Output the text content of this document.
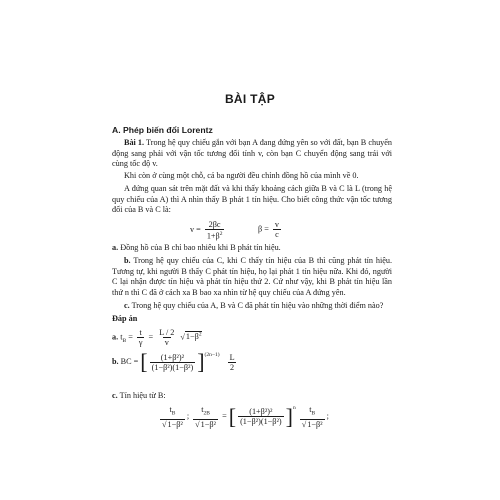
BÀI TẬP
A. Phép biến đổi Lorentz
Bài 1. Trong hệ quy chiếu gắn với bạn A đang đứng yên so với đất, bạn B chuyển động sang phải với vận tốc tương đối tính v, còn bạn C chuyển động sang trái với cùng tốc độ v.
Khi còn ở cùng một chỗ, cả ba người đều chỉnh đồng hồ của mình về 0.
A đứng quan sát trên mặt đất và khi thấy khoảng cách giữa B và C là L (trong hệ quy chiếu của A) thì A nhìn thấy B phát 1 tín hiệu. Cho biết công thức vận tốc tương đối của B và C là:
$v = \frac{2\beta c}{1+\beta^2}$	$\beta = \frac{v}{c}$
a. Đồng hồ của B chỉ bao nhiêu khi B phát tín hiệu.
b. Trong hệ quy chiếu của C, khi C thấy tín hiệu của B thì cũng phát tín hiệu. Tương tự, khi người B thấy C phát tín hiệu, họ lại phát 1 tín hiệu nữa. Khi đó, người C lại nhận được tín hiệu và phát tín hiệu thứ 2. Cứ như vậy, khi B phát tín hiệu lần thứ n thì C đã ở cách xa B bao xa nhìn từ hệ quy chiếu của A đứng yên.
c. Trong hệ quy chiếu của A, B và C đã phát tín hiệu vào những thời điểm nào?
Đáp án
a. $t_B = \frac{t}{\gamma} = \frac{L / 2}{v} √1-\beta^2$
b. BC = [ $\frac{\text{(1+β²)²}}{\text{(1−β²)(1−β²)}} ]^{(2n-1)} \frac{L}{2}$
c. Tín hiệu từ B:
$\frac{t_B}{\text{√1−β²}}$ ; $\frac{t_{2B}}{\text{√1−β²}}$ = [ $\frac{\text{(1+β²)²}}{\text{(1−β²)(1−β²)}} ]^n \frac{t_B}{\text{√1−β²}}$ ;
